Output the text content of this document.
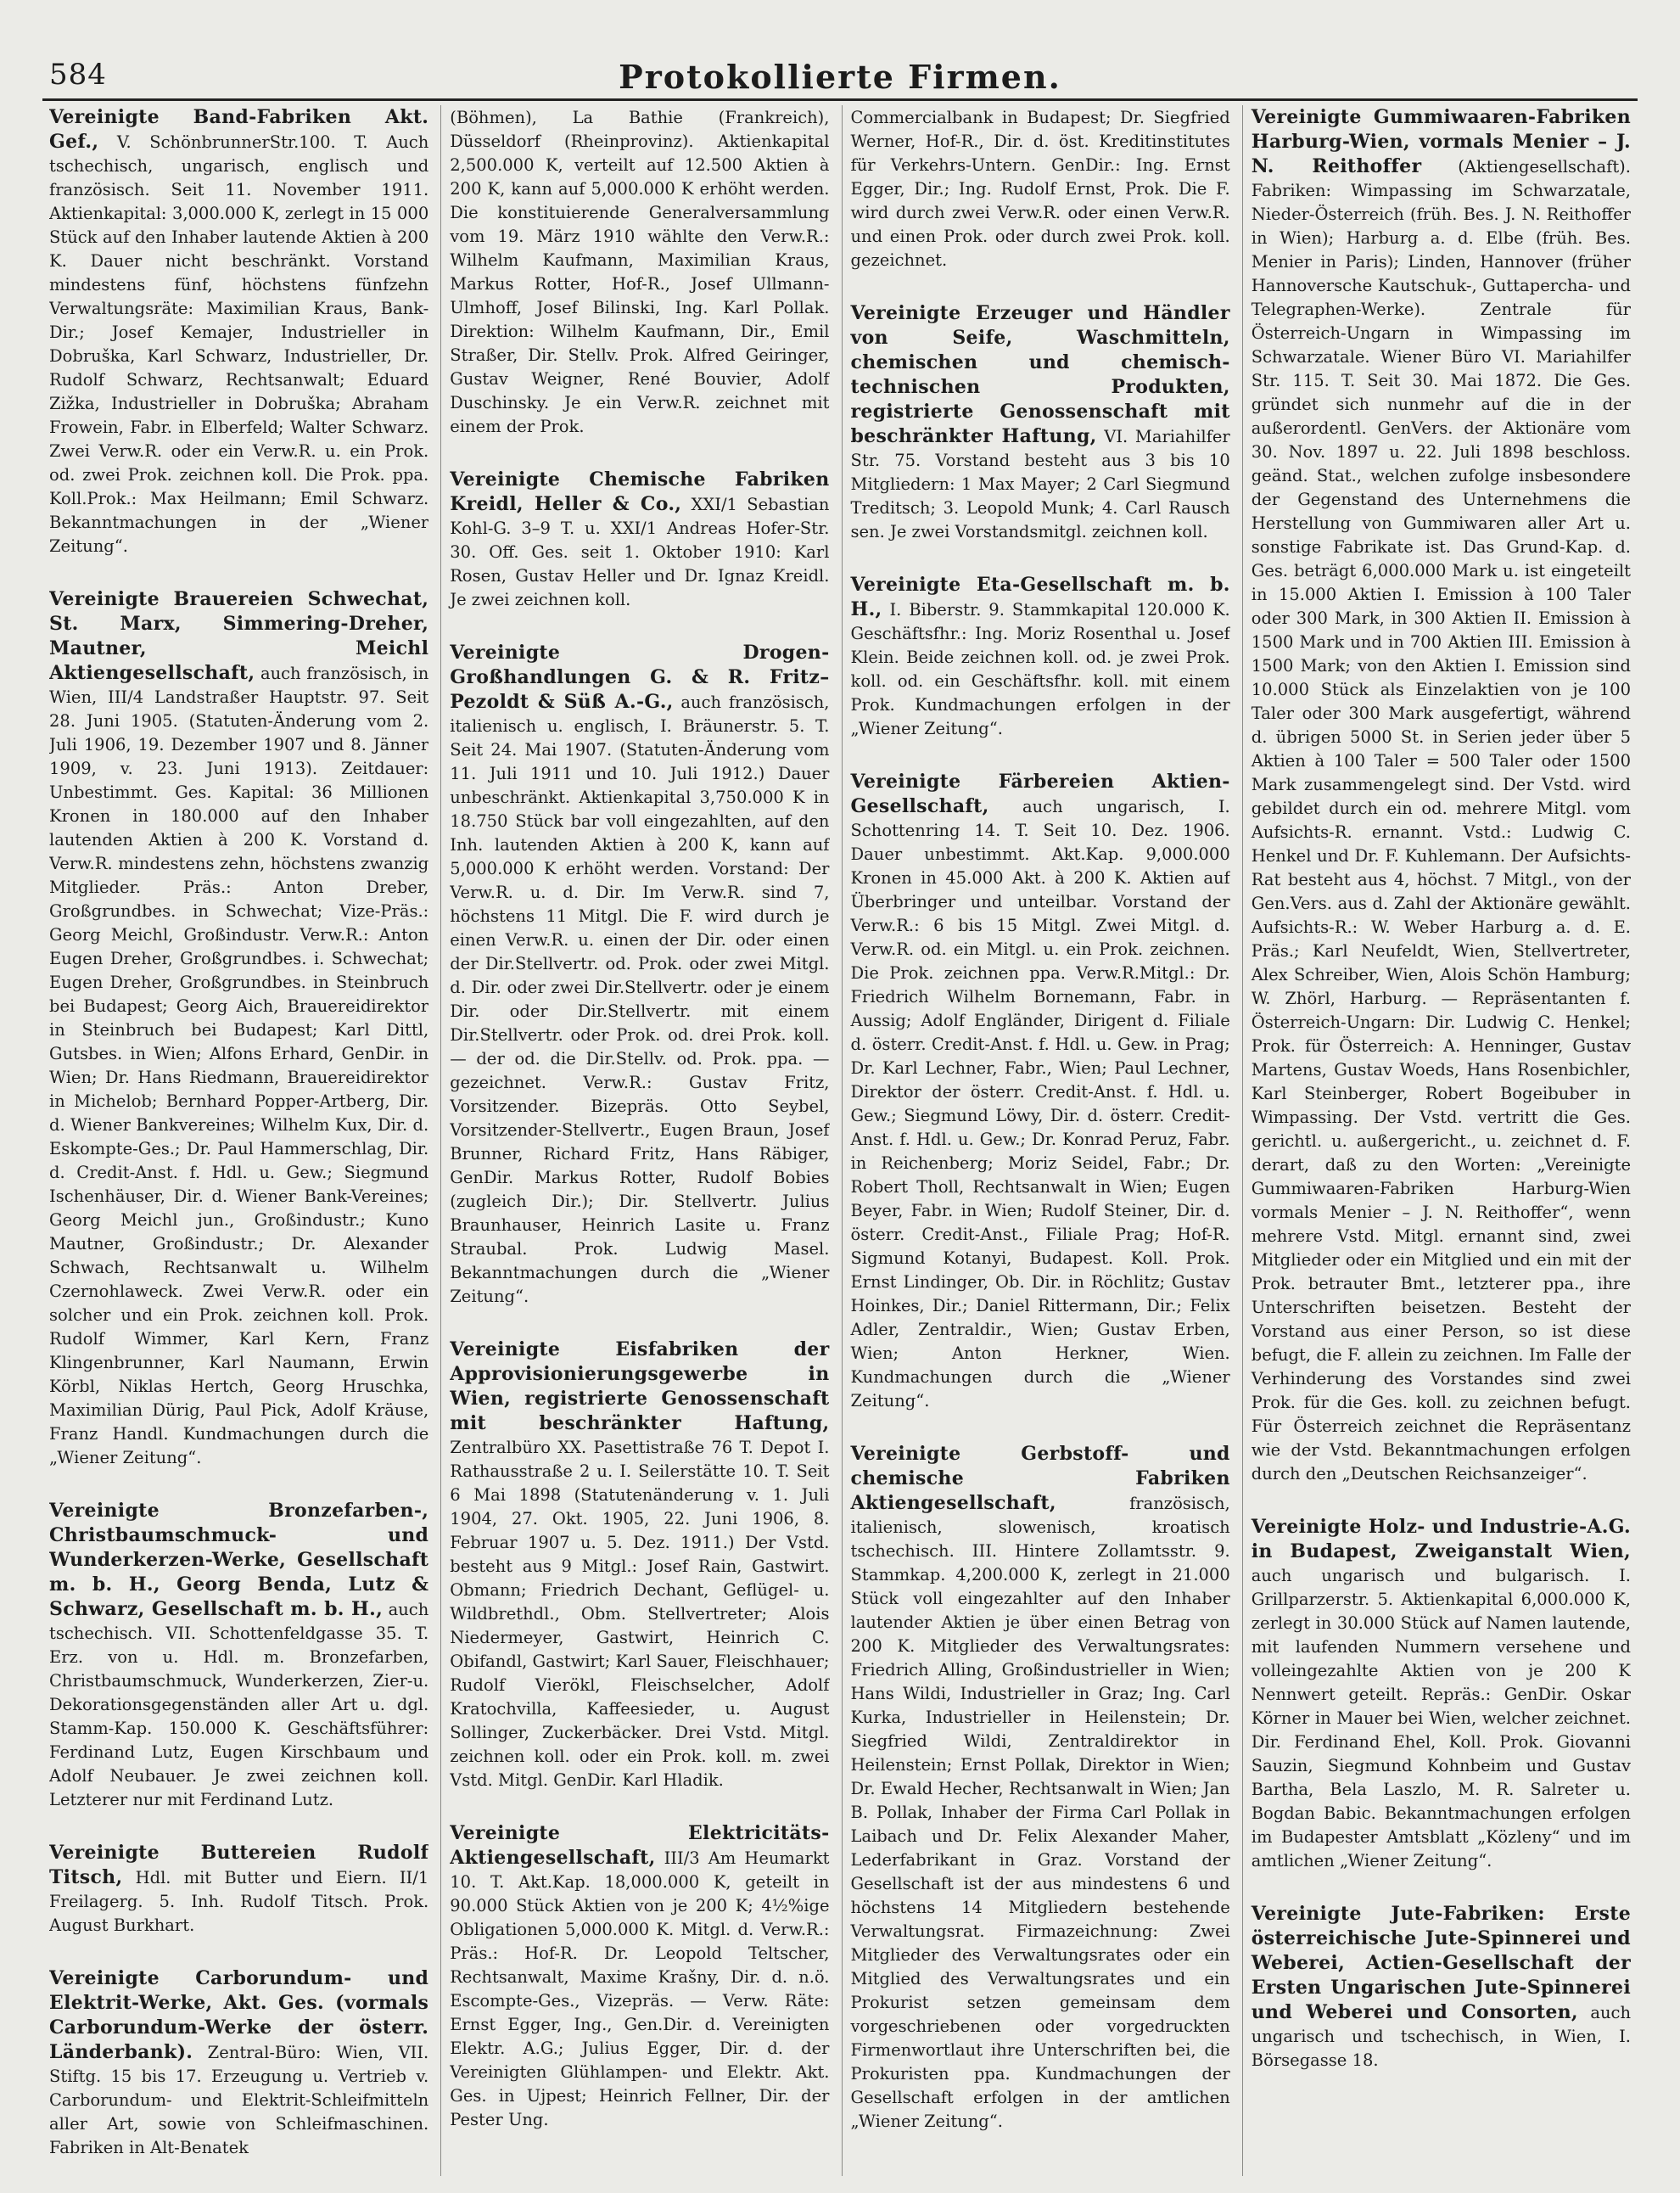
584	Protokollierte Firmen.

Vereinigte Band-Fabriken Akt. Gef., V. SchönbrunnerStr.100. T. Auch tschechisch, ungarisch, englisch und französisch. Seit 11. November 1911. Aktienkapital: 3,000.000 K, zerlegt in 15 000 Stück auf den Inhaber lautende Aktien à 200 K. Dauer nicht beschränkt. Vorstand mindestens fünf, höchstens fünfzehn Verwaltungsräte: Maximilian Kraus, Bank-Dir.; Josef Kemajer, Industrieller in Dobruška, Karl Schwarz, Industrieller, Dr. Rudolf Schwarz, Rechtsanwalt; Eduard Zižka, Industrieller in Dobruška; Abraham Frowein, Fabr. in Elberfeld; Walter Schwarz. Zwei Verw.R. oder ein Verw.R. u. ein Prok. od. zwei Prok. zeichnen koll. Die Prok. ppa. Koll.Prok.: Max Heilmann; Emil Schwarz. Bekanntmachungen in der „Wiener Zeitung“.

Vereinigte Brauereien Schwechat, St. Marx, Simmering-Dreher, Mautner, Meichl Aktiengesellschaft, auch französisch, in Wien, III/4 Landstraßer Hauptstr. 97. Seit 28. Juni 1905. (Statuten-Änderung vom 2. Juli 1906, 19. Dezember 1907 und 8. Jänner 1909, v. 23. Juni 1913). Zeitdauer: Unbestimmt. Ges. Kapital: 36 Millionen Kronen in 180.000 auf den Inhaber lautenden Aktien à 200 K. Vorstand d. Verw.R. mindestens zehn, höchstens zwanzig Mitglieder. Präs.: Anton Dreber, Großgrundbes. in Schwechat; Vize-Präs.: Georg Meichl, Großindustr. Verw.R.: Anton Eugen Dreher, Großgrundbes. i. Schwechat; Eugen Dreher, Großgrundbes. in Steinbruch bei Budapest; Georg Aich, Brauereidirektor in Steinbruch bei Budapest; Karl Dittl, Gutsbes. in Wien; Alfons Erhard, GenDir. in Wien; Dr. Hans Riedmann, Brauereidirektor in Michelob; Bernhard Popper-Artberg, Dir. d. Wiener Bankvereines; Wilhelm Kux, Dir. d. Eskompte-Ges.; Dr. Paul Hammerschlag, Dir. d. Credit-Anst. f. Hdl. u. Gew.; Siegmund Ischenhäuser, Dir. d. Wiener Bank-Vereines; Georg Meichl jun., Großindustr.; Kuno Mautner, Großindustr.; Dr. Alexander Schwach, Rechtsanwalt u. Wilhelm Czernohlaweck. Zwei Verw.R. oder ein solcher und ein Prok. zeichnen koll. Prok. Rudolf Wimmer, Karl Kern, Franz Klingenbrunner, Karl Naumann, Erwin Körbl, Niklas Hertch, Georg Hruschka, Maximilian Dürig, Paul Pick, Adolf Kräuse, Franz Handl. Kundmachungen durch die „Wiener Zeitung“.

Vereinigte Bronzefarben-, Christbaumschmuck- und Wunderkerzen-Werke, Gesellschaft m. b. H., Georg Benda, Lutz & Schwarz, Gesellschaft m. b. H., auch tschechisch. VII. Schottenfeldgasse 35. T. Erz. von u. Hdl. m. Bronzefarben, Christbaumschmuck, Wunderkerzen, Zier-u. Dekorationsgegenständen aller Art u. dgl. Stamm-Kap. 150.000 K. Geschäftsführer: Ferdinand Lutz, Eugen Kirschbaum und Adolf Neubauer. Je zwei zeichnen koll. Letzterer nur mit Ferdinand Lutz.

Vereinigte Buttereien Rudolf Titsch, Hdl. mit Butter und Eiern. II/1 Freilagerg. 5. Inh. Rudolf Titsch. Prok. August Burkhart.

Vereinigte Carborundum- und Elektrit-Werke, Akt. Ges. (vormals Carborundum-Werke der österr. Länderbank). Zentral-Büro: Wien, VII. Stiftg. 15 bis 17. Erzeugung u. Vertrieb v. Carborundum- und Elektrit-Schleifmitteln aller Art, sowie von Schleifmaschinen. Fabriken in Alt-Benatek

(Böhmen), La Bathie (Frankreich), Düsseldorf (Rheinprovinz). Aktienkapital 2,500.000 K, verteilt auf 12.500 Aktien à 200 K, kann auf 5,000.000 K erhöht werden. Die konstituierende Generalversammlung vom 19. März 1910 wählte den Verw.R.: Wilhelm Kaufmann, Maximilian Kraus, Markus Rotter, Hof-R., Josef Ullmann-Ulmhoff, Josef Bilinski, Ing. Karl Pollak. Direktion: Wilhelm Kaufmann, Dir., Emil Straßer, Dir. Stellv. Prok. Alfred Geiringer, Gustav Weigner, René Bouvier, Adolf Duschinsky. Je ein Verw.R. zeichnet mit einem der Prok.

Vereinigte Chemische Fabriken Kreidl, Heller & Co., XXI/1 Sebastian Kohl-G. 3–9 T. u. XXI/1 Andreas Hofer-Str. 30. Off. Ges. seit 1. Oktober 1910: Karl Rosen, Gustav Heller und Dr. Ignaz Kreidl. Je zwei zeichnen koll.

Vereinigte Drogen-Großhandlungen G. & R. Fritz–Pezoldt & Süß A.-G., auch französisch, italienisch u. englisch, I. Bräunerstr. 5. T. Seit 24. Mai 1907. (Statuten-Änderung vom 11. Juli 1911 und 10. Juli 1912.) Dauer unbeschränkt. Aktienkapital 3,750.000 K in 18.750 Stück bar voll eingezahlten, auf den Inh. lautenden Aktien à 200 K, kann auf 5,000.000 K erhöht werden. Vorstand: Der Verw.R. u. d. Dir. Im Verw.R. sind 7, höchstens 11 Mitgl. Die F. wird durch je einen Verw.R. u. einen der Dir. oder einen der Dir.Stellvertr. od. Prok. oder zwei Mitgl. d. Dir. oder zwei Dir.Stellvertr. oder je einem Dir. oder Dir.Stellvertr. mit einem Dir.Stellvertr. oder Prok. od. drei Prok. koll. — der od. die Dir.Stellv. od. Prok. ppa. — gezeichnet. Verw.R.: Gustav Fritz, Vorsitzender. Bizepräs. Otto Seybel, Vorsitzender-Stellvertr., Eugen Braun, Josef Brunner, Richard Fritz, Hans Räbiger, GenDir. Markus Rotter, Rudolf Bobies (zugleich Dir.); Dir. Stellvertr. Julius Braunhauser, Heinrich Lasite u. Franz Straubal. Prok. Ludwig Masel. Bekanntmachungen durch die „Wiener Zeitung“.

Vereinigte Eisfabriken der Approvisionierungsgewerbe in Wien, registrierte Genossenschaft mit beschränkter Haftung, Zentralbüro XX. Pasettistraße 76 T. Depot I. Rathausstraße 2 u. I. Seilerstätte 10. T. Seit 6 Mai 1898 (Statutenänderung v. 1. Juli 1904, 27. Okt. 1905, 22. Juni 1906, 8. Februar 1907 u. 5. Dez. 1911.) Der Vstd. besteht aus 9 Mitgl.: Josef Rain, Gastwirt. Obmann; Friedrich Dechant, Geflügel- u. Wildbrethdl., Obm. Stellvertreter; Alois Niedermeyer, Gastwirt, Heinrich C. Obifandl, Gastwirt; Karl Sauer, Fleischhauer; Rudolf Vierökl, Fleischselcher, Adolf Kratochvilla, Kaffeesieder, u. August Sollinger, Zuckerbäcker. Drei Vstd. Mitgl. zeichnen koll. oder ein Prok. koll. m. zwei Vstd. Mitgl. GenDir. Karl Hladik.

Vereinigte Elektricitäts-Aktiengesellschaft, III/3 Am Heumarkt 10. T. Akt.Kap. 18,000.000 K, geteilt in 90.000 Stück Aktien von je 200 K; 4½%ige Obligationen 5,000.000 K. Mitgl. d. Verw.R.: Präs.: Hof-R. Dr. Leopold Teltscher, Rechtsanwalt, Maxime Krašny, Dir. d. n.ö. Escompte-Ges., Vizepräs. — Verw. Räte: Ernst Egger, Ing., Gen.Dir. d. Vereinigten Elektr. A.G.; Julius Egger, Dir. d. der Vereinigten Glühlampen- und Elektr. Akt. Ges. in Ujpest; Heinrich Fellner, Dir. der Pester Ung.

Commercialbank in Budapest; Dr. Siegfried Werner, Hof-R., Dir. d. öst. Kreditinstitutes für Verkehrs-Untern. GenDir.: Ing. Ernst Egger, Dir.; Ing. Rudolf Ernst, Prok. Die F. wird durch zwei Verw.R. oder einen Verw.R. und einen Prok. oder durch zwei Prok. koll. gezeichnet.

Vereinigte Erzeuger und Händler von Seife, Waschmitteln, chemischen und chemisch-technischen Produkten, registrierte Genossenschaft mit beschränkter Haftung, VI. Mariahilfer Str. 75. Vorstand besteht aus 3 bis 10 Mitgliedern: 1 Max Mayer; 2 Carl Siegmund Treditsch; 3. Leopold Munk; 4. Carl Rausch sen. Je zwei Vorstandsmitgl. zeichnen koll.

Vereinigte Eta-Gesellschaft m. b. H., I. Biberstr. 9. Stammkapital 120.000 K. Geschäftsfhr.: Ing. Moriz Rosenthal u. Josef Klein. Beide zeichnen koll. od. je zwei Prok. koll. od. ein Geschäftsfhr. koll. mit einem Prok. Kundmachungen erfolgen in der „Wiener Zeitung“.

Vereinigte Färbereien Aktien-Gesellschaft, auch ungarisch, I. Schottenring 14. T. Seit 10. Dez. 1906. Dauer unbestimmt. Akt.Kap. 9,000.000 Kronen in 45.000 Akt. à 200 K. Aktien auf Überbringer und unteilbar. Vorstand der Verw.R.: 6 bis 15 Mitgl. Zwei Mitgl. d. Verw.R. od. ein Mitgl. u. ein Prok. zeichnen. Die Prok. zeichnen ppa. Verw.R.Mitgl.: Dr. Friedrich Wilhelm Bornemann, Fabr. in Aussig; Adolf Engländer, Dirigent d. Filiale d. österr. Credit-Anst. f. Hdl. u. Gew. in Prag; Dr. Karl Lechner, Fabr., Wien; Paul Lechner, Direktor der österr. Credit-Anst. f. Hdl. u. Gew.; Siegmund Löwy, Dir. d. österr. Credit-Anst. f. Hdl. u. Gew.; Dr. Konrad Peruz, Fabr. in Reichenberg; Moriz Seidel, Fabr.; Dr. Robert Tholl, Rechtsanwalt in Wien; Eugen Beyer, Fabr. in Wien; Rudolf Steiner, Dir. d. österr. Credit-Anst., Filiale Prag; Hof-R. Sigmund Kotanyi, Budapest. Koll. Prok. Ernst Lindinger, Ob. Dir. in Röchlitz; Gustav Hoinkes, Dir.; Daniel Rittermann, Dir.; Felix Adler, Zentraldir., Wien; Gustav Erben, Wien; Anton Herkner, Wien. Kundmachungen durch die „Wiener Zeitung“.

Vereinigte Gerbstoff- und chemische Fabriken Aktiengesellschaft,	französisch, italienisch, slowenisch, kroatisch tschechisch. III. Hintere Zollamtsstr. 9. Stammkap. 4,200.000 K, zerlegt in 21.000 Stück voll eingezahlter auf den Inhaber lautender Aktien je über einen Betrag von 200 K. Mitglieder des Verwaltungsrates: Friedrich Alling, Großindustrieller in Wien; Hans Wildi, Industrieller in Graz; Ing. Carl Kurka, Industrieller in Heilenstein; Dr. Siegfried Wildi, Zentraldirektor in Heilenstein; Ernst Pollak, Direktor in Wien; Dr. Ewald Hecher, Rechtsanwalt in Wien; Jan B. Pollak, Inhaber der Firma Carl Pollak in Laibach und Dr. Felix Alexander Maher, Lederfabrikant in Graz. Vorstand der Gesellschaft ist der aus mindestens 6 und höchstens 14 Mitgliedern bestehende Verwaltungsrat. Firmazeichnung: Zwei Mitglieder des Verwaltungsrates oder ein Mitglied des Verwaltungsrates und ein Prokurist setzen gemeinsam dem vorgeschriebenen oder vorgedruckten Firmenwortlaut ihre Unterschriften bei, die Prokuristen ppa. Kundmachungen der Gesellschaft erfolgen in der amtlichen „Wiener Zeitung“.

Vereinigte Gummiwaaren-Fabriken Harburg-Wien, vormals Menier – J. N. Reithoffer (Aktiengesellschaft). Fabriken: Wimpassing im Schwarzatale, Nieder-Österreich (früh. Bes. J. N. Reithoffer in Wien); Harburg a. d. Elbe (früh. Bes. Menier in Paris); Linden, Hannover (früher Hannoversche Kautschuk-, Guttapercha- und Telegraphen-Werke). Zentrale für Österreich-Ungarn in Wimpassing im Schwarzatale. Wiener Büro VI. Mariahilfer Str. 115. T. Seit 30. Mai 1872. Die Ges. gründet sich nunmehr auf die in der außerordentl. GenVers. der Aktionäre vom 30. Nov. 1897 u. 22. Juli 1898 beschloss. geänd. Stat., welchen zufolge insbesondere der Gegenstand des Unternehmens die Herstellung von Gummiwaren aller Art u. sonstige Fabrikate ist. Das Grund-Kap. d. Ges. beträgt 6,000.000 Mark u. ist eingeteilt in 15.000 Aktien I. Emission à 100 Taler oder 300 Mark, in 300 Aktien II. Emission à 1500 Mark und in 700 Aktien III. Emission à 1500 Mark; von den Aktien I. Emission sind 10.000 Stück als Einzelaktien von je 100 Taler oder 300 Mark ausgefertigt, während d. übrigen 5000 St. in Serien jeder über 5 Aktien à 100 Taler = 500 Taler oder 1500 Mark zusammengelegt sind. Der Vstd. wird gebildet durch ein od. mehrere Mitgl. vom Aufsichts-R. ernannt. Vstd.: Ludwig C. Henkel und Dr. F. Kuhlemann. Der Aufsichts-Rat besteht aus 4, höchst. 7 Mitgl., von der Gen.Vers. aus d. Zahl der Aktionäre gewählt. Aufsichts-R.: W. Weber Harburg a. d. E. Präs.; Karl Neufeldt, Wien, Stellvertreter, Alex Schreiber, Wien, Alois Schön Hamburg; W. Zhörl, Harburg. — Repräsentanten f. Österreich-Ungarn: Dir. Ludwig C. Henkel; Prok. für Österreich: A. Henninger, Gustav Martens, Gustav Woeds, Hans Rosenbichler, Karl Steinberger, Robert Bogeibuber in Wimpassing. Der Vstd. vertritt die Ges. gerichtl. u. außergericht., u. zeichnet d. F. derart, daß zu den Worten: „Vereinigte Gummiwaaren-Fabriken Harburg-Wien vormals Menier – J. N. Reithoffer“, wenn mehrere Vstd. Mitgl. ernannt sind, zwei Mitglieder oder ein Mitglied und ein mit der Prok. betrauter Bmt., letzterer ppa., ihre Unterschriften beisetzen. Besteht der Vorstand aus einer Person, so ist diese befugt, die F. allein zu zeichnen. Im Falle der Verhinderung des Vorstandes sind zwei Prok. für die Ges. koll. zu zeichnen befugt. Für Österreich zeichnet die Repräsentanz wie der Vstd. Bekanntmachungen erfolgen durch den „Deutschen Reichsanzeiger“.

Vereinigte Holz- und Industrie-A.G. in Budapest, Zweiganstalt Wien, auch ungarisch und bulgarisch. I. Grillparzerstr. 5. Aktienkapital 6,000.000 K, zerlegt in 30.000 Stück auf Namen lautende, mit laufenden Nummern versehene und volleingezahlte Aktien von je 200 K Nennwert geteilt. Repräs.: GenDir. Oskar Körner in Mauer bei Wien, welcher zeichnet. Dir. Ferdinand Ehel, Koll. Prok. Giovanni Sauzin, Siegmund Kohnbeim und Gustav Bartha, Bela Laszlo, M. R. Salreter u. Bogdan Babic. Bekanntmachungen erfolgen im Budapester Amtsblatt „Közleny“ und im amtlichen „Wiener Zeitung“.

Vereinigte Jute-Fabriken: Erste österreichische Jute-Spinnerei und Weberei, Actien-Gesellschaft der Ersten Ungarischen Jute-Spinnerei und Weberei und Consorten, auch ungarisch und tschechisch, in Wien, I. Börsegasse 18.
